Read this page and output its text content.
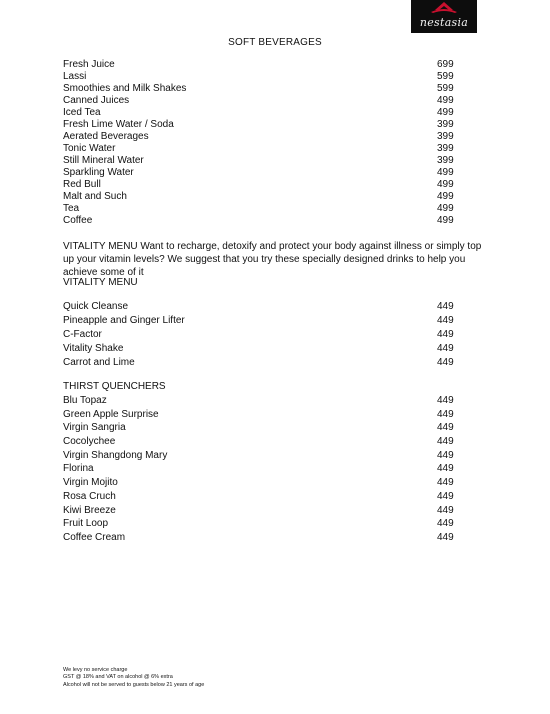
nestasia
SOFT BEVERAGES
Fresh Juice	699
Lassi	599
Smoothies and Milk Shakes	599
Canned Juices	499
Iced Tea	499
Fresh Lime Water / Soda	399
Aerated Beverages	399
Tonic Water	399
Still Mineral Water	399
Sparkling Water	499
Red Bull	499
Malt and Such	499
Tea	499
Coffee	499
VITALITY MENU Want to recharge, detoxify and protect your body against illness or simply top up your vitamin levels? We suggest that you try these specially designed drinks to help you achieve some of it
VITALITY MENU
Quick Cleanse	449
Pineapple and Ginger Lifter	449
C-Factor	449
Vitality Shake	449
Carrot and Lime	449
THIRST QUENCHERS
Blu Topaz	449
Green Apple Surprise	449
Virgin Sangria	449
Cocolychee	449
Virgin Shangdong Mary	449
Florina	449
Virgin Mojito	449
Rosa Cruch	449
Kiwi Breeze	449
Fruit Loop	449
Coffee Cream	449
We levy no service charge
GST @ 18% and VAT on alcohol @ 6% extra
Alcohol will not be served to guests below 21 years of age
